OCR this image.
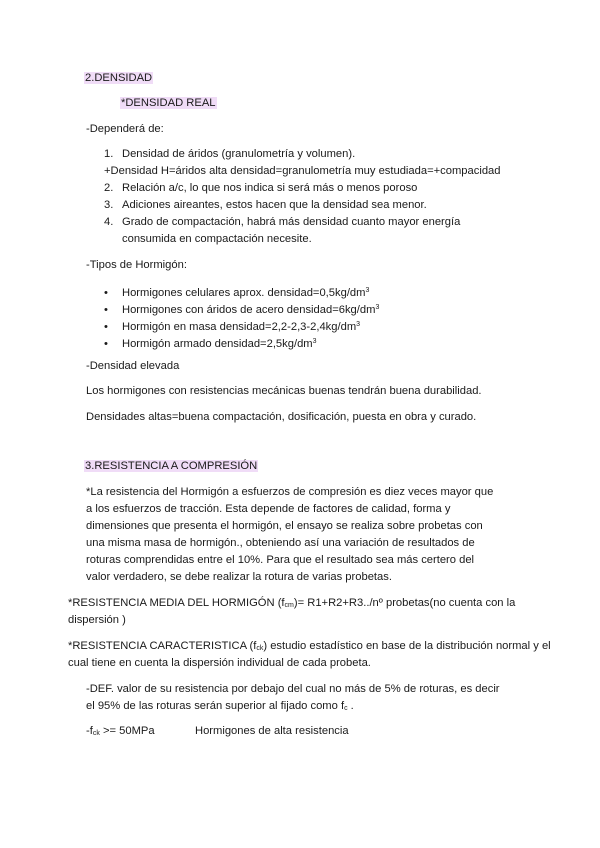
2.DENSIDAD
*DENSIDAD REAL
-Dependerá de:
1. Densidad de áridos (granulometría y volumen).
+Densidad H=áridos alta densidad=granulometría muy estudiada=+compacidad
2. Relación a/c, lo que nos indica si será más o menos poroso
3. Adiciones aireantes, estos hacen que la densidad sea menor.
4. Grado de compactación, habrá más densidad cuanto mayor energía
consumida en compactación necesite.
-Tipos de Hormigón:
• Hormigones celulares aprox. $densidad=0,5kg/dm^3$
• Hormigones con áridos de acero $densidad=6kg/dm^3$
• Hormigón en masa $densidad=2,2-2,3-2,4kg/dm^3$
• Hormigón armado $densidad=2,5kg/dm^3$
-Densidad elevada
Los hormigones con resistencias mecánicas buenas tendrán buena durabilidad.
Densidades altas=buena compactación, dosificación, puesta en obra y curado.
3.RESISTENCIA A COMPRESIÓN
*La resistencia del Hormigón a esfuerzos de compresión es diez veces mayor que
a los esfuerzos de tracción. Esta depende de factores de calidad, forma y
dimensiones que presenta el hormigón, el ensayo se realiza sobre probetas con
una misma masa de hormigón., obteniendo así una variación de resultados de
roturas comprendidas entre el 10%. Para que el resultado sea más certero del
valor verdadero, se debe realizar la rotura de varias probetas.
*RESISTENCIA MEDIA DEL HORMIGÓN $(f_{cm})=$ R1+R2+R3../nº probetas(no cuenta con la
dispersión )
*RESISTENCIA CARACTERISTICA $(f_{ck})$ estudio estadístico en base de la distribución normal y el
cual tiene en cuenta la dispersión individual de cada probeta.
-DEF. valor de su resistencia por debajo del cual no más de 5% de roturas, es decir
el 95% de las roturas serán superior al fijado como $f_c$ .
$-f_{ck} >= 50MPa$	Hormigones de alta resistencia
